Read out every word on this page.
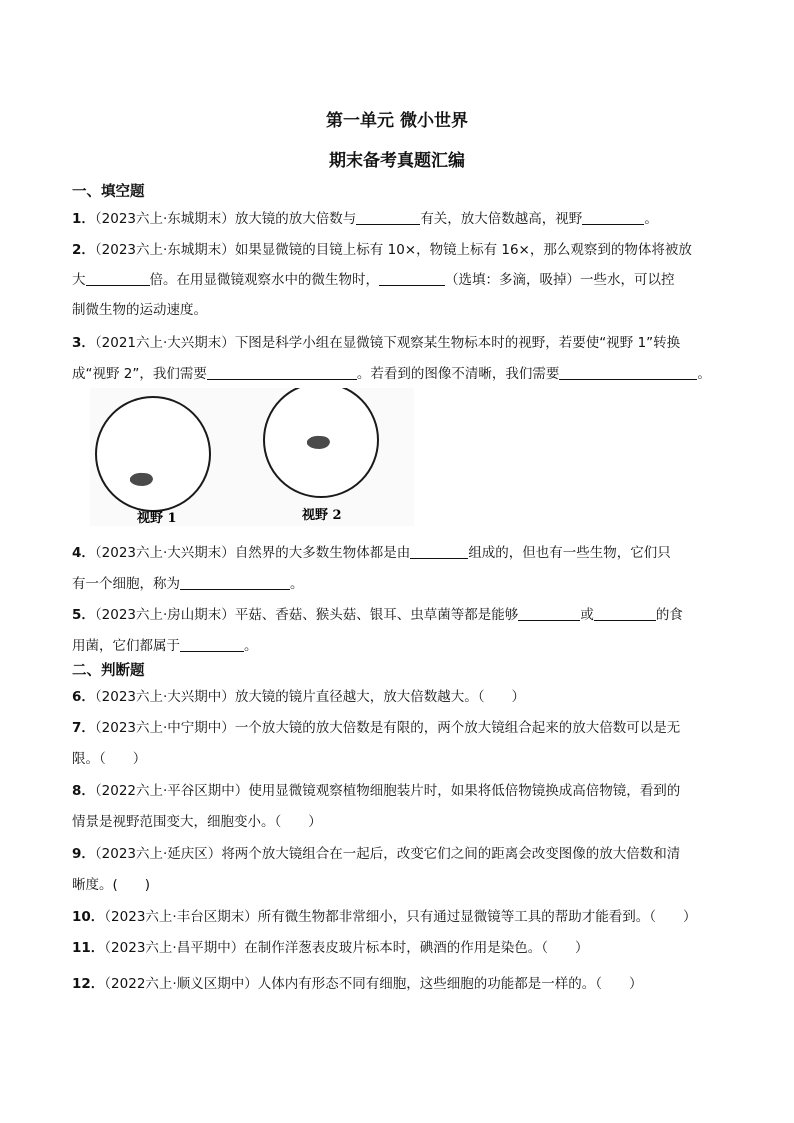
第一单元 微小世界
期末备考真题汇编
一、填空题
1．（2023六上·东城期末）放大镜的放大倍数与	有关，放大倍数越高，视野	。
2．（2023六上·东城期末）如果显微镜的目镜上标有 10×，物镜上标有 16×，那么观察到的物体将被放
大	倍。在用显微镜观察水中的微生物时，	（选填：多滴，吸掉）一些水，可以控
制微生物的运动速度。
3．（2021六上·大兴期末）下图是科学小组在显微镜下观察某生物标本时的视野，若要使“视野 1”转换
成“视野 2”，我们需要	。若看到的图像不清晰，我们需要	。
视野 1	视野 2
4．（2023六上·大兴期末）自然界的大多数生物体都是由	组成的，但也有一些生物，它们只
有一个细胞，称为	。
5．（2023六上·房山期末）平菇、香菇、猴头菇、银耳、虫草菌等都是能够	或	的食
用菌，它们都属于	。
二、判断题
6．（2023六上·大兴期中）放大镜的镜片直径越大，放大倍数越大。（　　）
7．（2023六上·中宁期中）一个放大镜的放大倍数是有限的，两个放大镜组合起来的放大倍数可以是无
限。（　　）
8．（2022六上·平谷区期中）使用显微镜观察植物细胞装片时，如果将低倍物镜换成高倍物镜，看到的
情景是视野范围变大，细胞变小。（　　）
9．（2023六上·延庆区）将两个放大镜组合在一起后，改变它们之间的距离会改变图像的放大倍数和清
晰度。(　　)
10．（2023六上·丰台区期末）所有微生物都非常细小，只有通过显微镜等工具的帮助才能看到。（　　）
11．（2023六上·昌平期中）在制作洋葱表皮玻片标本时，碘酒的作用是染色。（　　）
12．（2022六上·顺义区期中）人体内有形态不同有细胞，这些细胞的功能都是一样的。（　　）
